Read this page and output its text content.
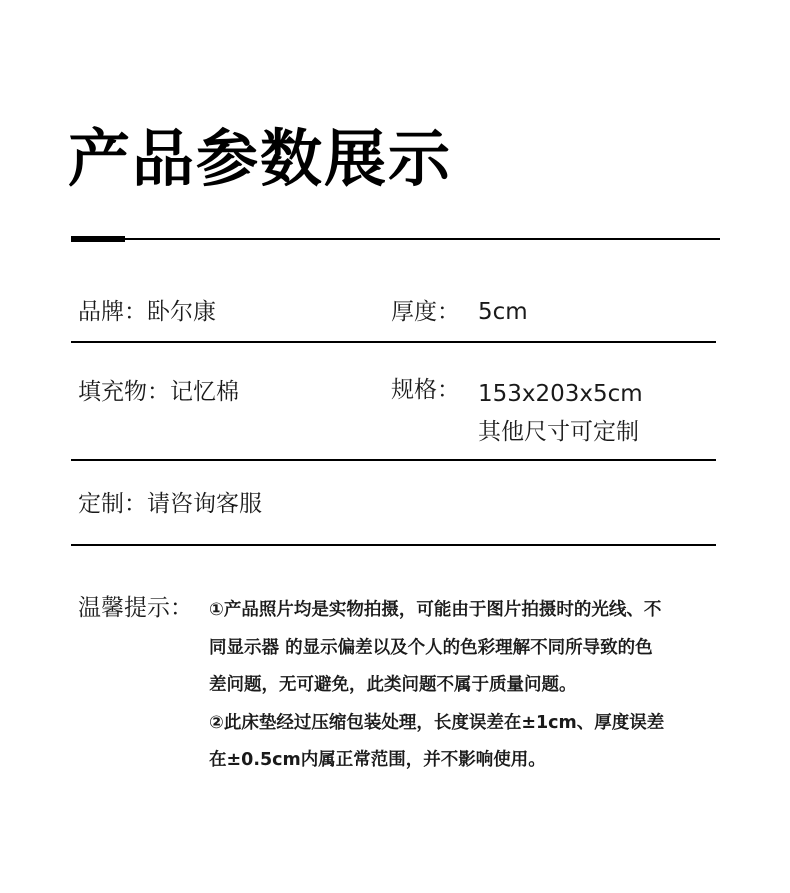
产品参数展示
品牌：卧尔康	厚度： 5cm
填充物：记忆棉	规格： 153x203x5cm
其他尺寸可定制
定制：请咨询客服
温馨提示： ①产品照片均是实物拍摄，可能由于图片拍摄时的光线、不

同显示器 的显示偏差以及个人的色彩理解不同所导致的色

差问题，无可避免，此类问题不属于质量问题。

②此床垫经过压缩包装处理，长度误差在±1cm、厚度误差

在±0.5cm内属正常范围，并不影响使用。
